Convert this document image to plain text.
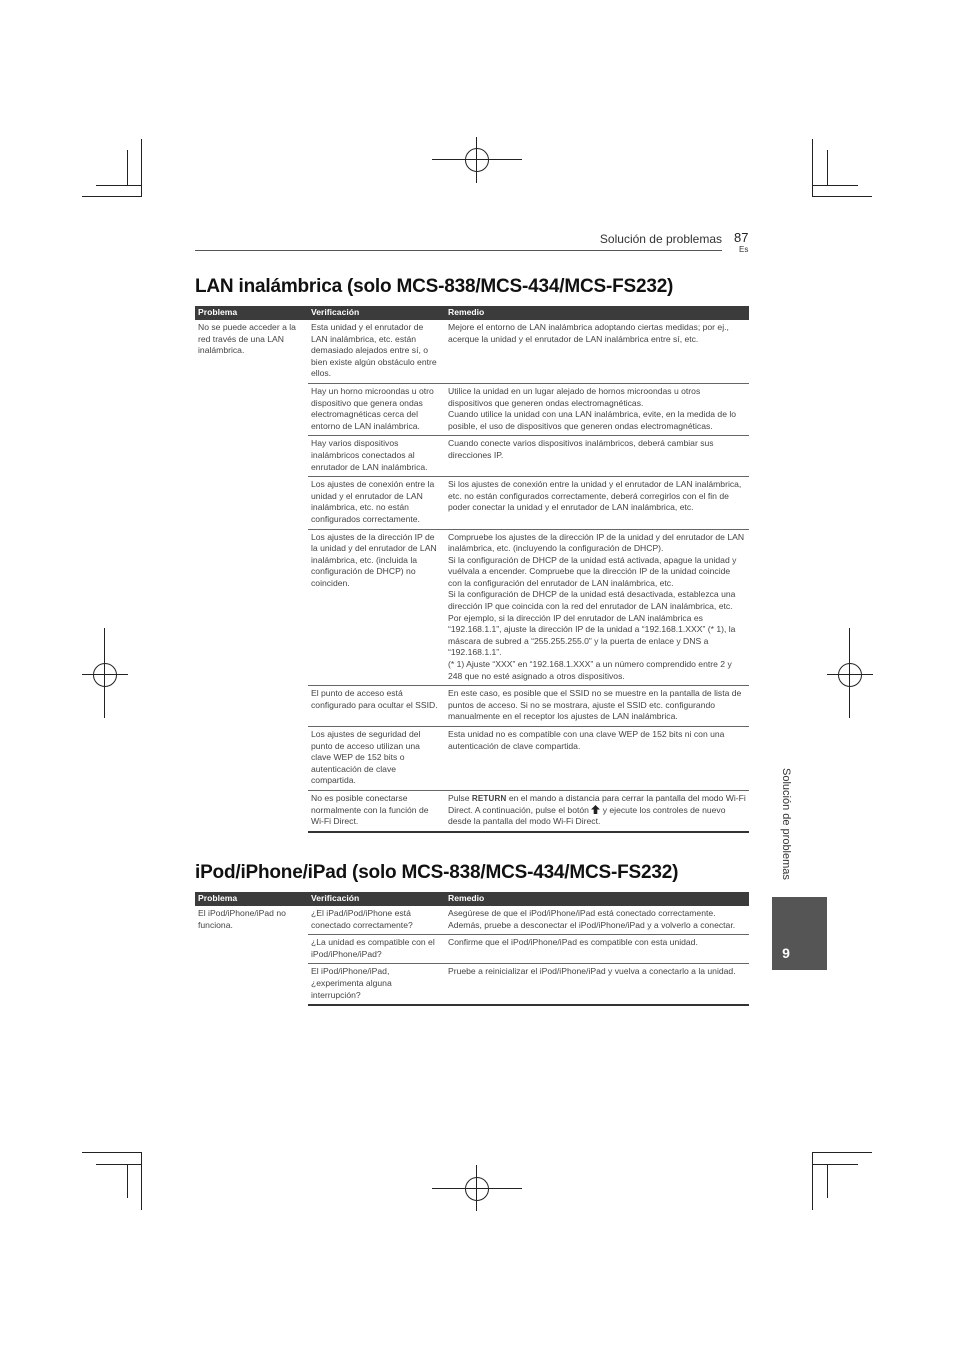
Solución de problemas 87
Es
LAN inalámbrica (solo MCS-838/MCS-434/MCS-FS232)
Problema	Verificación	Remedio
No se puede acceder a la red través de una LAN inalámbrica.	Esta unidad y el enrutador de LAN inalámbrica, etc. están demasiado alejados entre sí, o bien existe algún obstáculo entre ellos.	Mejore el entorno de LAN inalámbrica adoptando ciertas medidas; por ej., acerque la unidad y el enrutador de LAN inalámbrica entre sí, etc.
	Hay un horno microondas u otro dispositivo que genera ondas electromagnéticas cerca del entorno de LAN inalámbrica.	Utilice la unidad en un lugar alejado de hornos microondas u otros dispositivos que generen ondas electromagnéticas.
Cuando utilice la unidad con una LAN inalámbrica, evite, en la medida de lo posible, el uso de dispositivos que generen ondas electromagnéticas.
	Hay varios dispositivos inalámbricos conectados al enrutador de LAN inalámbrica.	Cuando conecte varios dispositivos inalámbricos, deberá cambiar sus direcciones IP.
	Los ajustes de conexión entre la unidad y el enrutador de LAN inalámbrica, etc. no están configurados correctamente.	Si los ajustes de conexión entre la unidad y el enrutador de LAN inalámbrica, etc. no están configurados correctamente, deberá corregirlos con el fin de poder conectar la unidad y el enrutador de LAN inalámbrica, etc.
	Los ajustes de la dirección IP de la unidad y del enrutador de LAN inalámbrica, etc. (incluida la configuración de DHCP) no coinciden.	Compruebe los ajustes de la dirección IP de la unidad y del enrutador de LAN inalámbrica, etc. (incluyendo la configuración de DHCP).
Si la configuración de DHCP de la unidad está activada, apague la unidad y vuélvala a encender. Compruebe que la dirección IP de la unidad coincide con la configuración del enrutador de LAN inalámbrica, etc.
Si la configuración de DHCP de la unidad está desactivada, establezca una dirección IP que coincida con la red del enrutador de LAN inalámbrica, etc.
Por ejemplo, si la dirección IP del enrutador de LAN inalámbrica es “192.168.1.1”, ajuste la dirección IP de la unidad a “192.168.1.XXX” (* 1), la máscara de subred a “255.255.255.0” y la puerta de enlace y DNS a “192.168.1.1”.
(* 1) Ajuste “XXX” en “192.168.1.XXX” a un número comprendido entre 2 y 248 que no esté asignado a otros dispositivos.
	El punto de acceso está configurado para ocultar el SSID.	En este caso, es posible que el SSID no se muestre en la pantalla de lista de puntos de acceso. Si no se mostrara, ajuste el SSID etc. configurando manualmente en el receptor los ajustes de LAN inalámbrica.
	Los ajustes de seguridad del punto de acceso utilizan una clave WEP de 152 bits o autenticación de clave compartida.	Esta unidad no es compatible con una clave WEP de 152 bits ni con una autenticación de clave compartida.
	No es posible conectarse normalmente con la función de Wi-Fi Direct.	Pulse RETURN en el mando a distancia para cerrar la pantalla del modo Wi-Fi Direct. A continuación, pulse el botón y ejecute los controles de nuevo desde la pantalla del modo Wi-Fi Direct.
iPod/iPhone/iPad (solo MCS-838/MCS-434/MCS-FS232)
Problema	Verificación	Remedio
El iPod/iPhone/iPad no funciona.	¿El iPad/iPod/iPhone está conectado correctamente?	Asegúrese de que el iPod/iPhone/iPad está conectado correctamente. Además, pruebe a desconectar el iPod/iPhone/iPad y a volverlo a conectar.
	¿La unidad es compatible con el iPod/iPhone/iPad?	Confirme que el iPod/iPhone/iPad es compatible con esta unidad.
	El iPod/iPhone/iPad, ¿experimenta alguna interrupción?	Pruebe a reinicializar el iPod/iPhone/iPad y vuelva a conectarlo a la unidad.
Solución de problemas
9
